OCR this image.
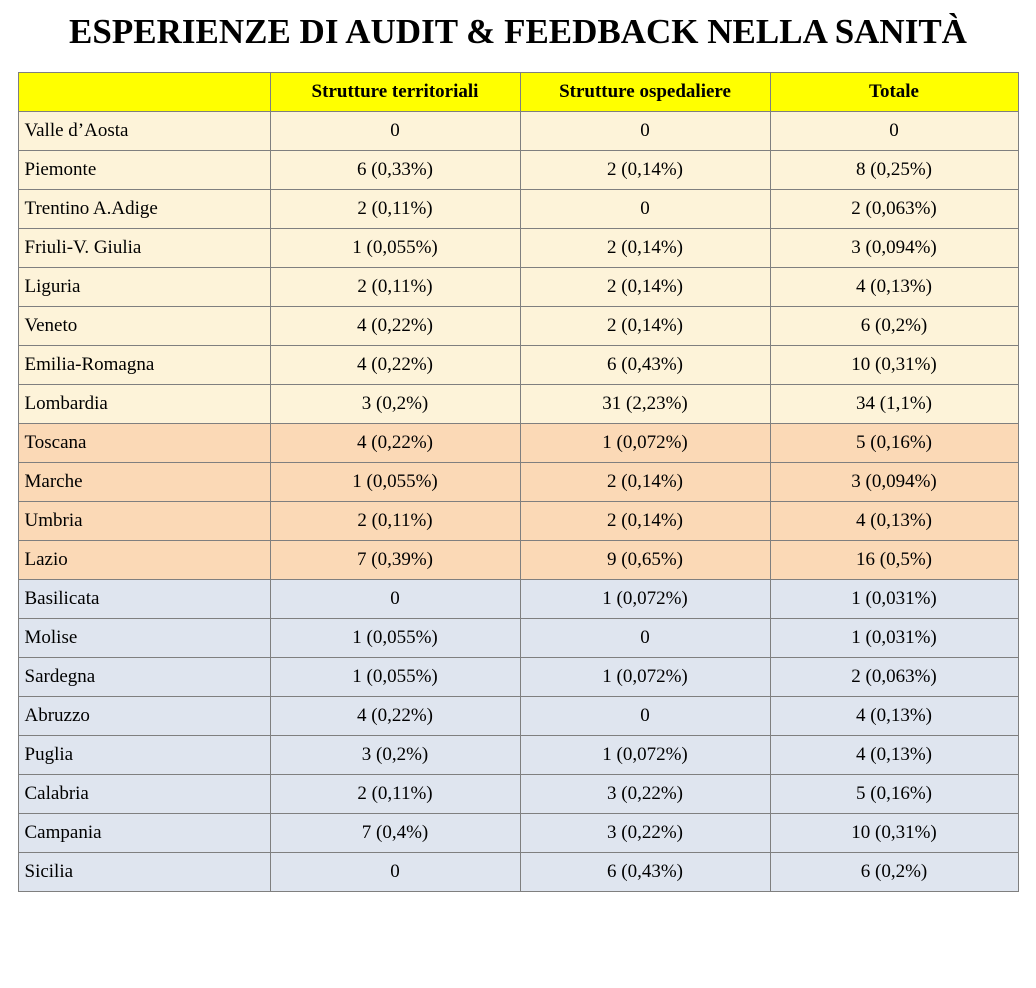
ESPERIENZE DI AUDIT & FEEDBACK NELLA SANITÀ
	Strutture territoriali	Strutture ospedaliere	Totale
Valle d’Aosta	0	0	0
Piemonte	6 (0,33%)	2 (0,14%)	8 (0,25%)
Trentino A.Adige	2 (0,11%)	0	2 (0,063%)
Friuli-V. Giulia	1 (0,055%)	2 (0,14%)	3 (0,094%)
Liguria	2 (0,11%)	2 (0,14%)	4 (0,13%)
Veneto	4 (0,22%)	2 (0,14%)	6 (0,2%)
Emilia-Romagna	4 (0,22%)	6 (0,43%)	10 (0,31%)
Lombardia	3 (0,2%)	31 (2,23%)	34 (1,1%)
Toscana	4 (0,22%)	1 (0,072%)	5 (0,16%)
Marche	1 (0,055%)	2 (0,14%)	3 (0,094%)
Umbria	2 (0,11%)	2 (0,14%)	4 (0,13%)
Lazio	7 (0,39%)	9 (0,65%)	16 (0,5%)
Basilicata	0	1 (0,072%)	1 (0,031%)
Molise	1 (0,055%)	0	1 (0,031%)
Sardegna	1 (0,055%)	1 (0,072%)	2 (0,063%)
Abruzzo	4 (0,22%)	0	4 (0,13%)
Puglia	3 (0,2%)	1 (0,072%)	4 (0,13%)
Calabria	2 (0,11%)	3 (0,22%)	5 (0,16%)
Campania	7 (0,4%)	3 (0,22%)	10 (0,31%)
Sicilia	0	6 (0,43%)	6 (0,2%)
